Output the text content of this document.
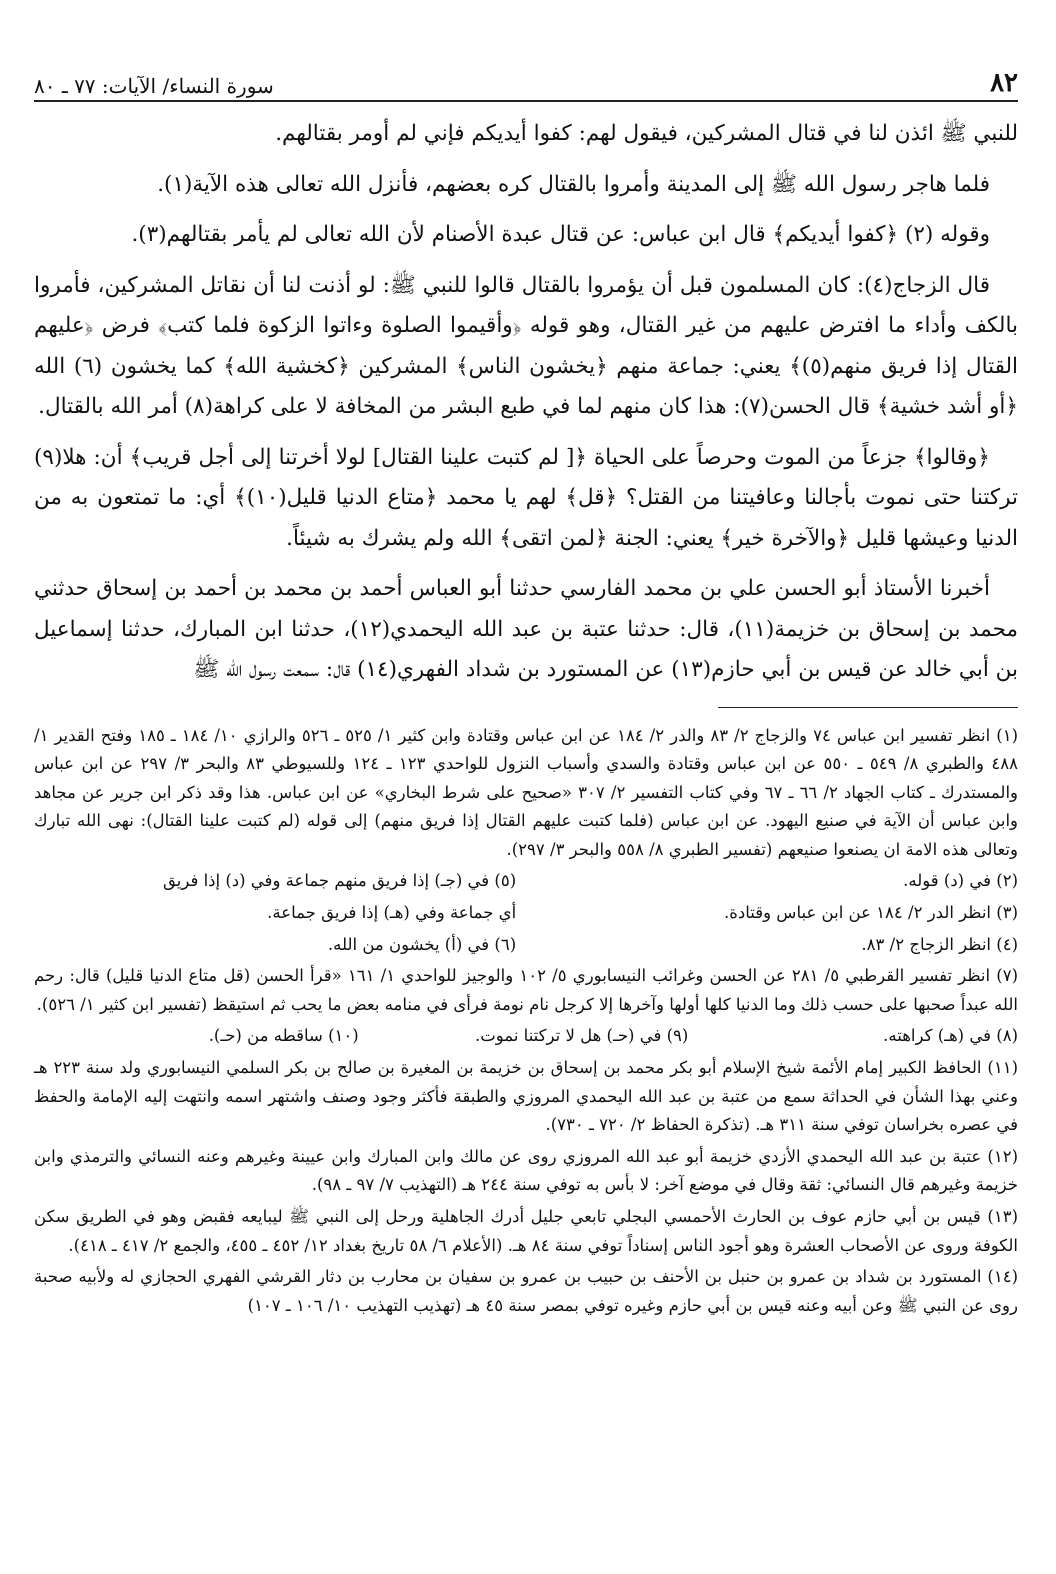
٨٢
سورة النساء/ الآيات: ٧٧ ـ ٨٠

للنبي ﷺ ائذن لنا في قتال المشركين، فيقول لهم: كفوا أيديكم فإني لم أومر بقتالهم.

فلما هاجر رسول الله ﷺ إلى المدينة وأمروا بالقتال كره بعضهم، فأنزل الله تعالى هذه الآية(١).

وقوله (٢) ﴿كفوا أيديكم﴾ قال ابن عباس: عن قتال عبدة الأصنام لأن الله تعالى لم يأمر بقتالهم(٣).

قال الزجاج(٤): كان المسلمون قبل أن يؤمروا بالقتال قالوا للنبي ﷺ: لو أذنت لنا أن نقاتل المشركين، فأمروا بالكف وأداء ما افترض عليهم من غير القتال، وهو قوله ﴿وأقيموا الصلوة وءاتوا الزكوة فلما كتب﴾ فرض ﴿عليهم القتال إذا فريق منهم(٥)﴾ يعني: جماعة منهم ﴿يخشون الناس﴾ المشركين ﴿كخشية الله﴾ كما يخشون (٦) الله ﴿أو أشد خشية﴾ قال الحسن(٧): هذا كان منهم لما في طبع البشر من المخافة لا على كراهة(٨) أمر الله بالقتال.

﴿وقالوا﴾ جزعاً من الموت وحرصاً على الحياة ﴿[ لم كتبت علينا القتال] لولا أخرتنا إلى أجل قريب﴾ أن: هلا(٩) تركتنا حتى نموت بأجالنا وعافيتنا من القتل؟ ﴿قل﴾ لهم يا محمد ﴿متاع الدنيا قليل(١٠)﴾ أي: ما تمتعون به من الدنيا وعيشها قليل ﴿والآخرة خير﴾ يعني: الجنة ﴿لمن اتقى﴾ الله ولم يشرك به شيئاً.

أخبرنا الأستاذ أبو الحسن علي بن محمد الفارسي حدثنا أبو العباس أحمد بن محمد بن أحمد بن إسحاق حدثني محمد بن إسحاق بن خزيمة(١١)، قال: حدثنا عتبة بن عبد الله اليحمدي(١٢)، حدثنا ابن المبارك، حدثنا إسماعيل بن أبي خالد عن قيس بن أبي حازم(١٣) عن المستورد بن شداد الفهري(١٤) قال: سمعت رسول الله ﷺ

(١) انظر تفسير ابن عباس ٧٤ والزجاج ٢/ ٨٣ والدر ٢/ ١٨٤ عن ابن عباس وقتادة وابن كثير ١/ ٥٢٥ ـ ٥٢٦ والرازي ١٠/ ١٨٤ ـ ١٨٥ وفتح القدير ١/ ٤٨٨ والطبري ٨/ ٥٤٩ ـ ٥٥٠ عن ابن عباس وقتادة والسدي وأسباب النزول للواحدي ١٢٣ ـ ١٢٤ وللسيوطي ٨٣ والبحر ٣/ ٢٩٧ عن ابن عباس والمستدرك ـ كتاب الجهاد ٢/ ٦٦ ـ ٦٧ وفي كتاب التفسير ٢/ ٣٠٧ «صحيح على شرط البخاري» عن ابن عباس. هذا وقد ذكر ابن جرير عن مجاهد وابن عباس أن الآية في صنيع اليهود. عن ابن عباس (فلما كتبت عليهم القتال إذا فريق منهم) إلى قوله (لم كتبت علينا القتال): نهى الله تبارك وتعالى هذه الامة ان يصنعوا صنيعهم (تفسير الطبري ٨/ ٥٥٨ والبحر ٣/ ٢٩٧).
(٢) في (د) قوله.
(٥) في (جـ) إذا فريق منهم جماعة وفي (د) إذا فريق
(٣) انظر الدر ٢/ ١٨٤ عن ابن عباس وقتادة.
أي جماعة وفي (هـ) إذا فريق جماعة.
(٤) انظر الزجاج ٢/ ٨٣.
(٦) في (أ) يخشون من الله.
(٧) انظر تفسير القرطبي ٥/ ٢٨١ عن الحسن وغرائب النيسابوري ٥/ ١٠٢ والوجيز للواحدي ١/ ١٦١ «قرأ الحسن (قل متاع الدنيا قليل) قال: رحم الله عبداً صحبها على حسب ذلك وما الدنيا كلها أولها وآخرها إلا كرجل نام نومة فرأى في منامه بعض ما يحب ثم استيقظ (تفسير ابن كثير ١/ ٥٢٦).
(٨) في (هـ) كراهته.
(٩) في (حـ) هل لا تركتنا نموت.
(١٠) ساقطه من (حـ).
(١١) الحافظ الكبير إمام الأئمة شيخ الإسلام أبو بكر محمد بن إسحاق بن خزيمة بن المغيرة بن صالح بن بكر السلمي النيسابوري ولد سنة ٢٢٣ هـ وعني بهذا الشأن في الحداثة سمع من عتبة بن عبد الله اليحمدي المروزي والطبقة فأكثر وجود وصنف واشتهر اسمه وانتهت إليه الإمامة والحفظ في عصره بخراسان توفي سنة ٣١١ هـ. (تذكرة الحفاظ ٢/ ٧٢٠ ـ ٧٣٠).
(١٢) عتبة بن عبد الله اليحمدي الأزدي خزيمة أبو عبد الله المروزي روى عن مالك وابن المبارك وابن عيينة وغيرهم وعنه النسائي والترمذي وابن خزيمة وغيرهم قال النسائي: ثقة وقال في موضع آخر: لا بأس به توفي سنة ٢٤٤ هـ (التهذيب ٧/ ٩٧ ـ ٩٨).
(١٣) قيس بن أبي حازم عوف بن الحارث الأحمسي البجلي تابعي جليل أدرك الجاهلية ورحل إلى النبي ﷺ ليبايعه فقبض وهو في الطريق سكن الكوفة وروى عن الأصحاب العشرة وهو أجود الناس إسناداً توفي سنة ٨٤ هـ. (الأعلام ٦/ ٥٨ تاريخ بغداد ١٢/ ٤٥٢ ـ ٤٥٥، والجمع ٢/ ٤١٧ ـ ٤١٨).
(١٤) المستورد بن شداد بن عمرو بن حنبل بن الأحنف بن حبيب بن عمرو بن سفيان بن محارب بن دثار القرشي الفهري الحجازي له ولأبيه صحبة روى عن النبي ﷺ وعن أبيه وعنه قيس بن أبي حازم وغيره توفي بمصر سنة ٤٥ هـ (تهذيب التهذيب ١٠/ ١٠٦ ـ ١٠٧)
